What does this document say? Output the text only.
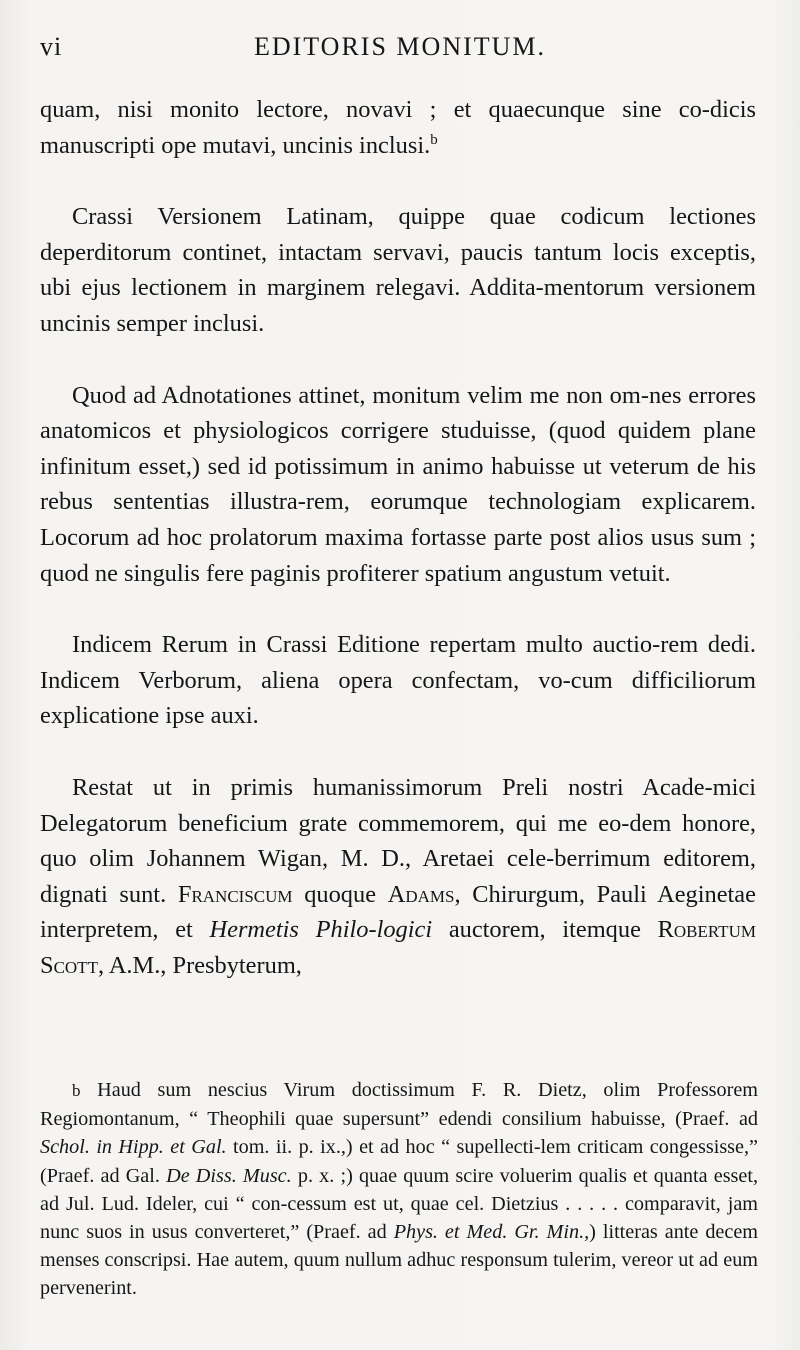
vi	EDITORIS MONITUM.

quam, nisi monito lectore, novavi ; et quaecunque sine co-dicis manuscripti ope mutavi, uncinis inclusi.$^b$

Crassi Versionem Latinam, quippe quae codicum lectiones deperditorum continet, intactam servavi, paucis tantum locis exceptis, ubi ejus lectionem in marginem relegavi. Addita-mentorum versionem uncinis semper inclusi.

Quod ad Adnotationes attinet, monitum velim me non om-nes errores anatomicos et physiologicos corrigere studuisse, (quod quidem plane infinitum esset,) sed id potissimum in animo habuisse ut veterum de his rebus sententias illustra-rem, eorumque technologiam explicarem. Locorum ad hoc prolatorum maxima fortasse parte post alios usus sum ; quod ne singulis fere paginis profiterer spatium angustum vetuit.

Indicem Rerum in Crassi Editione repertam multo auctio-rem dedi. Indicem Verborum, aliena opera confectam, vo-cum difficiliorum explicatione ipse auxi.

Restat ut in primis humanissimorum Preli nostri Acade-mici Delegatorum beneficium grate commemorem, qui me eo-dem honore, quo olim Johannem Wigan, M. D., Aretaei cele-berrimum editorem, dignati sunt. Franciscum quoque Adams, Chirurgum, Pauli Aeginetae interpretem, et Hermetis Philo-logici auctorem, itemque Robertum Scott, A.M., Presbyterum,

b Haud sum nescius Virum doctissimum F. R. Dietz, olim Professorem Regiomontanum, “ Theophili quae supersunt” edendi consilium habuisse, (Praef. ad Schol. in Hipp. et Gal. tom. ii. p. ix.,) et ad hoc “ supellecti-lem criticam congessisse,” (Praef. ad Gal. De Diss. Musc. p. x. ;) quae quum scire voluerim qualis et quanta esset, ad Jul. Lud. Ideler, cui “ con-cessum est ut, quae cel. Dietzius . . . . . comparavit, jam nunc suos in usus converteret,” (Praef. ad Phys. et Med. Gr. Min.,) litteras ante decem menses conscripsi. Hae autem, quum nullum adhuc responsum tulerim, vereor ut ad eum pervenerint.
